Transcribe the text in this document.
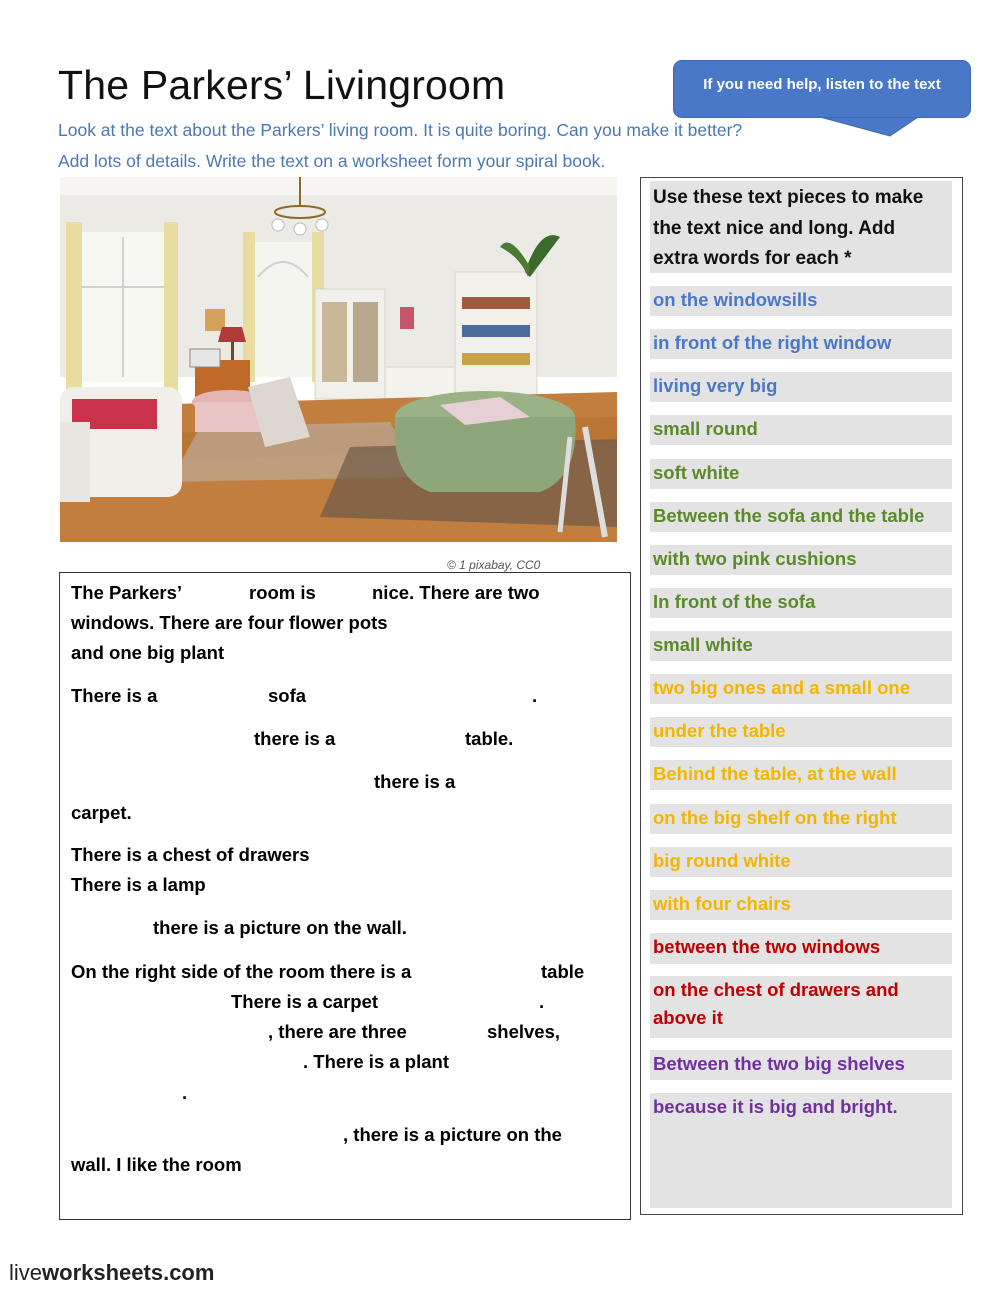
The Parkers’ Livingroom
Look at the text about the Parkers’ living room. It is quite boring. Can you make it better?
Add lots of details. Write the text on a worksheet form your spiral book.
If you need help, listen to the text
© 1 pixabay, CC0
The Parkers’	room is	nice. There are two
windows. There are four flower pots
and one big plant
There is a	sofa	.
there is a	table.
there is a
carpet.
There is a chest of drawers
There is a lamp
there is a picture on the wall.
On the right side of the room there is a	table
There is a carpet	.
, there are three	shelves,
. There is a plant
.
, there is a picture on the
wall. I like the room
Use these text pieces to make
the text nice and long. Add
extra words for each *
on the windowsills
in front of the right window
living very big
small round
soft white
Between the sofa and the table
with two pink cushions
In front of the sofa
small white
two big ones and a small one
under the table
Behind the table, at the wall
on the big shelf on the right
big round white
with four chairs
between the two windows
on the chest of drawers and
above it
Between the two big shelves
because it is big and bright.
liveworksheets.com
